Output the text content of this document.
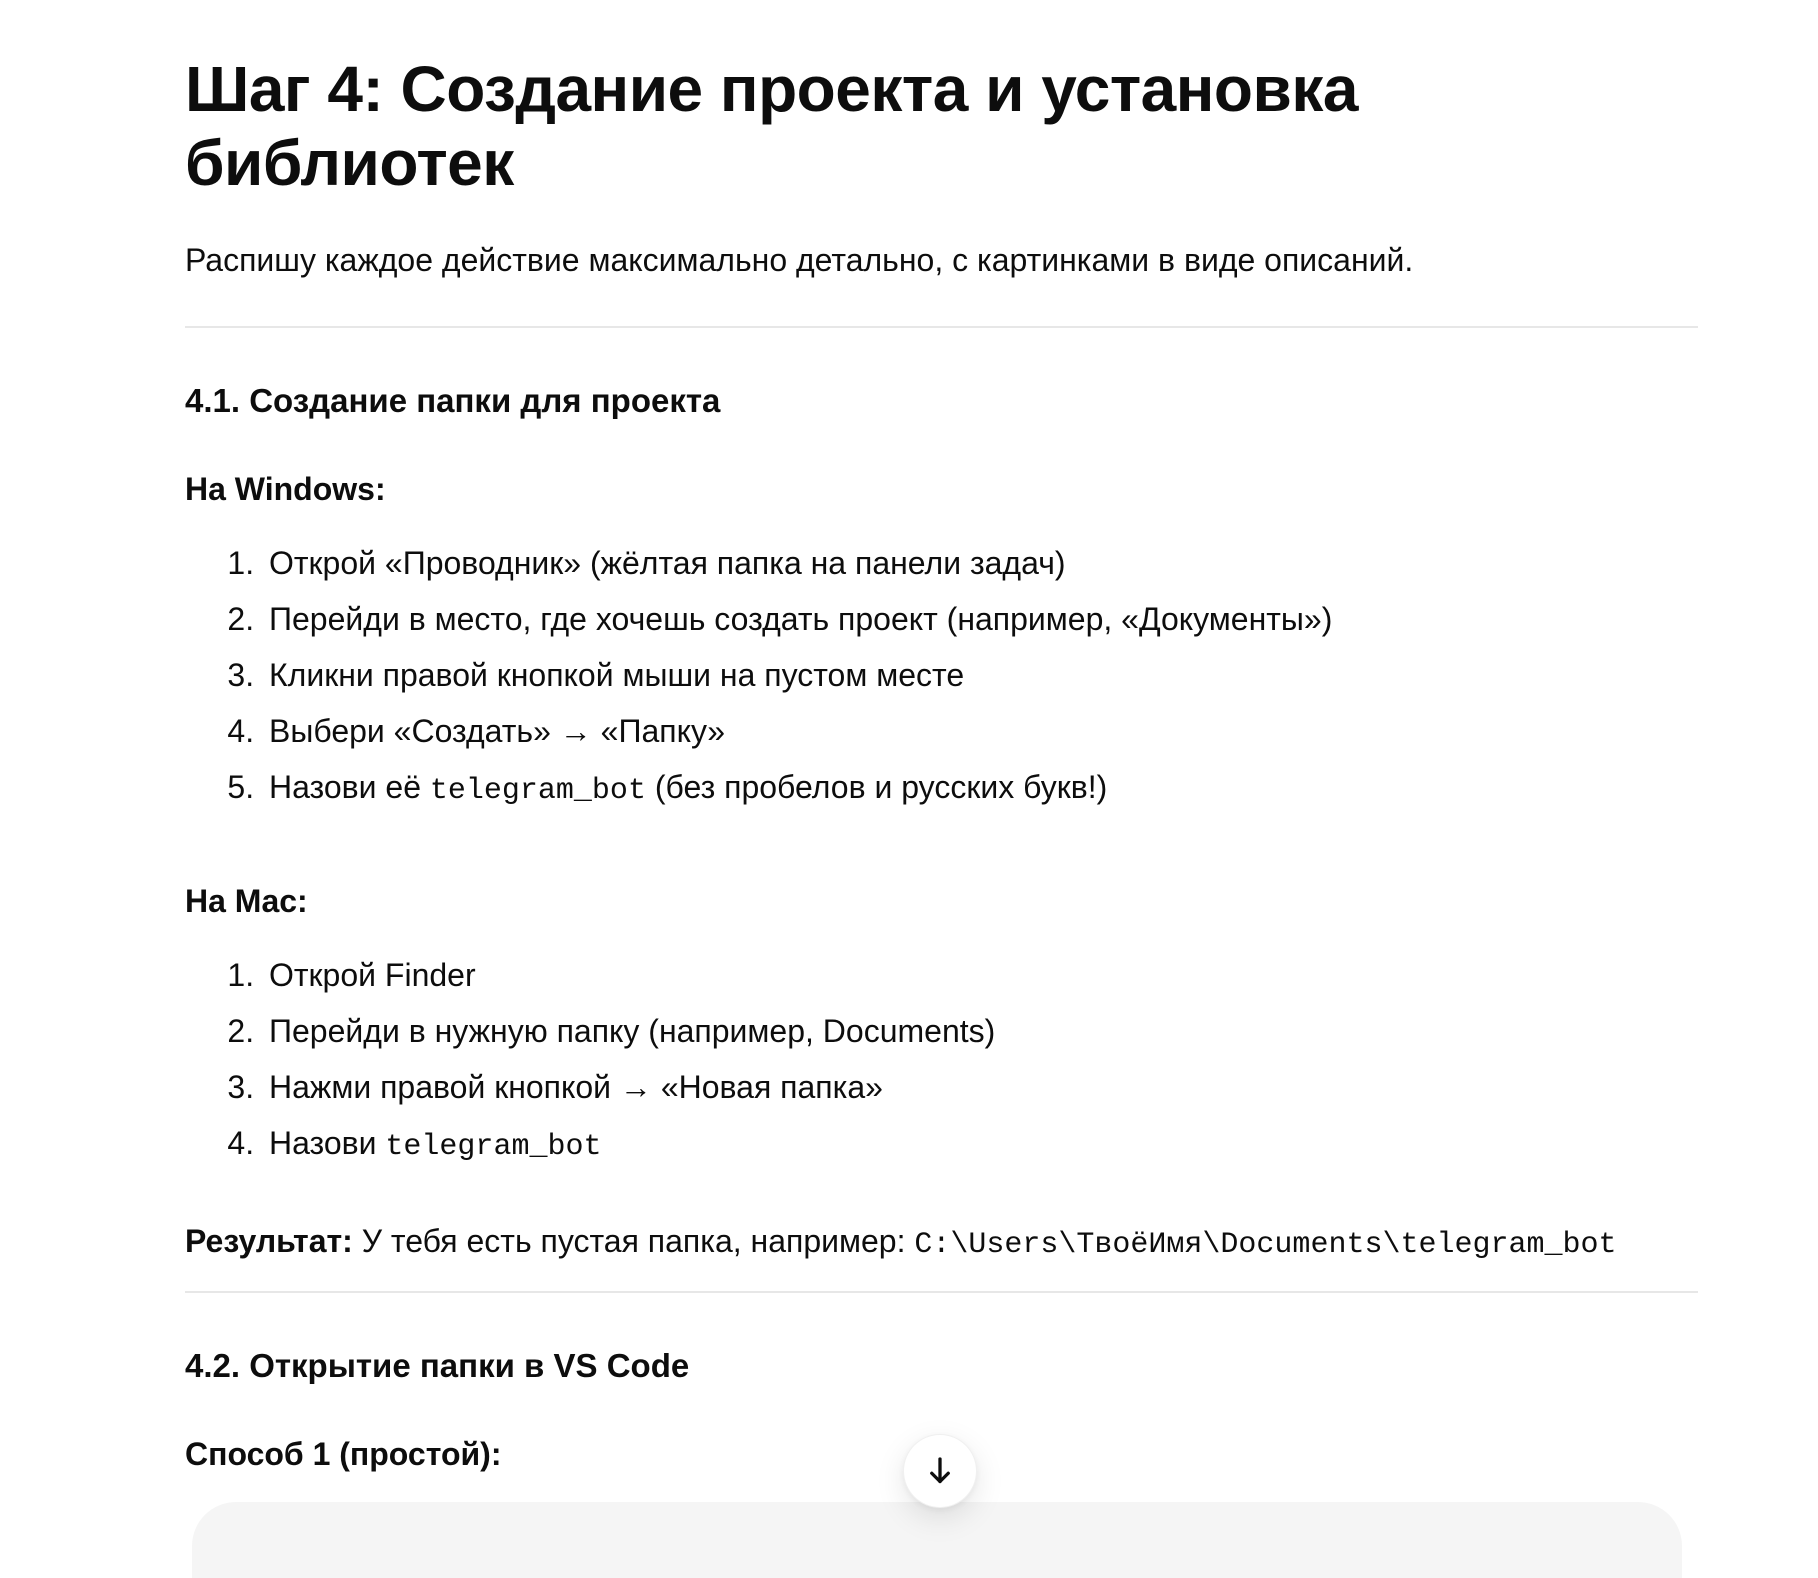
Шаг 4: Создание проекта и установка библиотек

Распишу каждое действие максимально детально, с картинками в виде описаний.

4.1. Создание папки для проекта

На Windows:

1. Открой «Проводник» (жёлтая папка на панели задач)
2. Перейди в место, где хочешь создать проект (например, «Документы»)
3. Кликни правой кнопкой мыши на пустом месте
4. Выбери «Создать» → «Папку»
5. Назови её telegram_bot (без пробелов и русских букв!)

На Mac:

1. Открой Finder
2. Перейди в нужную папку (например, Documents)
3. Нажми правой кнопкой → «Новая папка»
4. Назови telegram_bot

Результат: У тебя есть пустая папка, например: C:\Users\ТвоёИмя\Documents\telegram_bot

4.2. Открытие папки в VS Code

Способ 1 (простой):

1.
